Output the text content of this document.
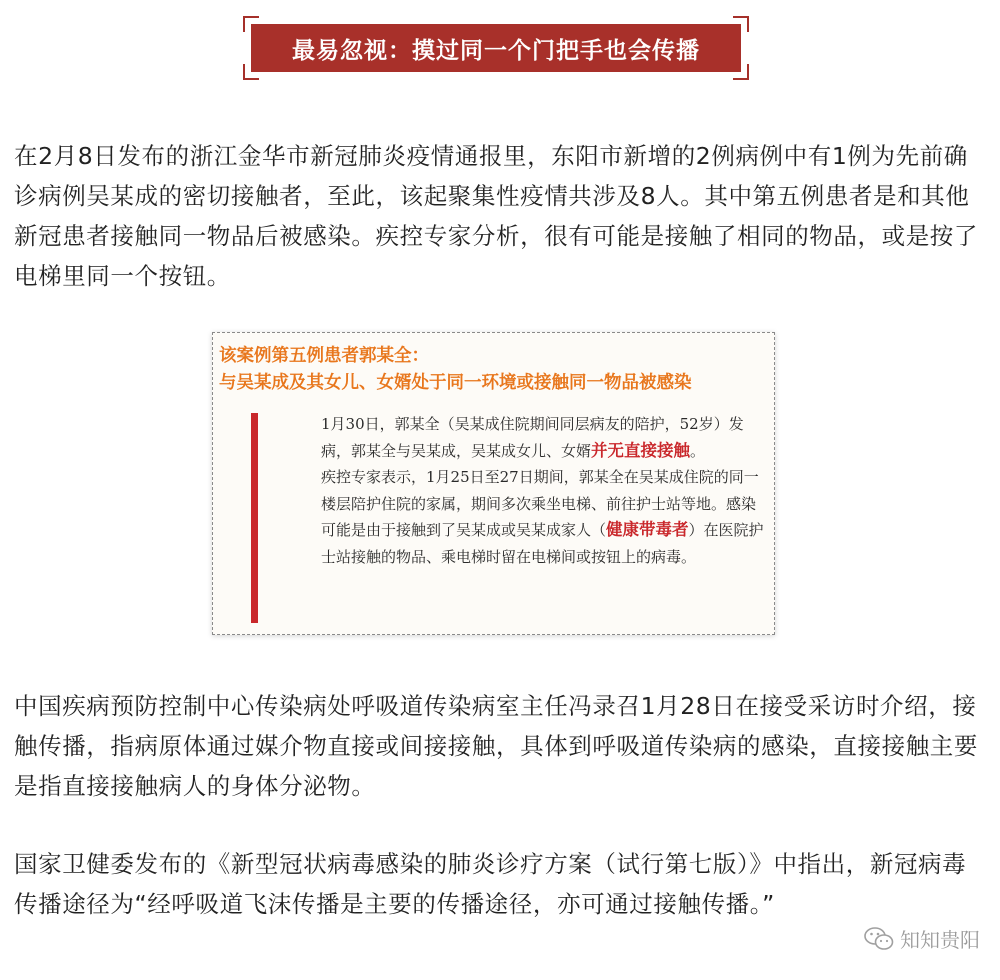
最易忽视：摸过同一个门把手也会传播

在2月8日发布的浙江金华市新冠肺炎疫情通报里，东阳市新增的2例病例中有1例为先前确诊病例吴某成的密切接触者，至此，该起聚集性疫情共涉及8人。其中第五例患者是和其他新冠患者接触同一物品后被感染。疾控专家分析，很有可能是接触了相同的物品，或是按了电梯里同一个按钮。

该案例第五例患者郭某全：
与吴某成及其女儿、女婿处于同一环境或接触同一物品被感染
1月30日，郭某全（吴某成住院期间同层病友的陪护，52岁）发病，郭某全与吴某成，吴某成女儿、女婿并无直接接触。
疾控专家表示，1月25日至27日期间，郭某全在吴某成住院的同一楼层陪护住院的家属，期间多次乘坐电梯、前往护士站等地。感染可能是由于接触到了吴某成或吴某成家人（健康带毒者）在医院护士站接触的物品、乘电梯时留在电梯间或按钮上的病毒。

中国疾病预防控制中心传染病处呼吸道传染病室主任冯录召1月28日在接受采访时介绍，接触传播，指病原体通过媒介物直接或间接接触，具体到呼吸道传染病的感染，直接接触主要是指直接接触病人的身体分泌物。

国家卫健委发布的《新型冠状病毒感染的肺炎诊疗方案（试行第七版）》中指出，新冠病毒传播途径为“经呼吸道飞沫传播是主要的传播途径，亦可通过接触传播。”

知知贵阳
